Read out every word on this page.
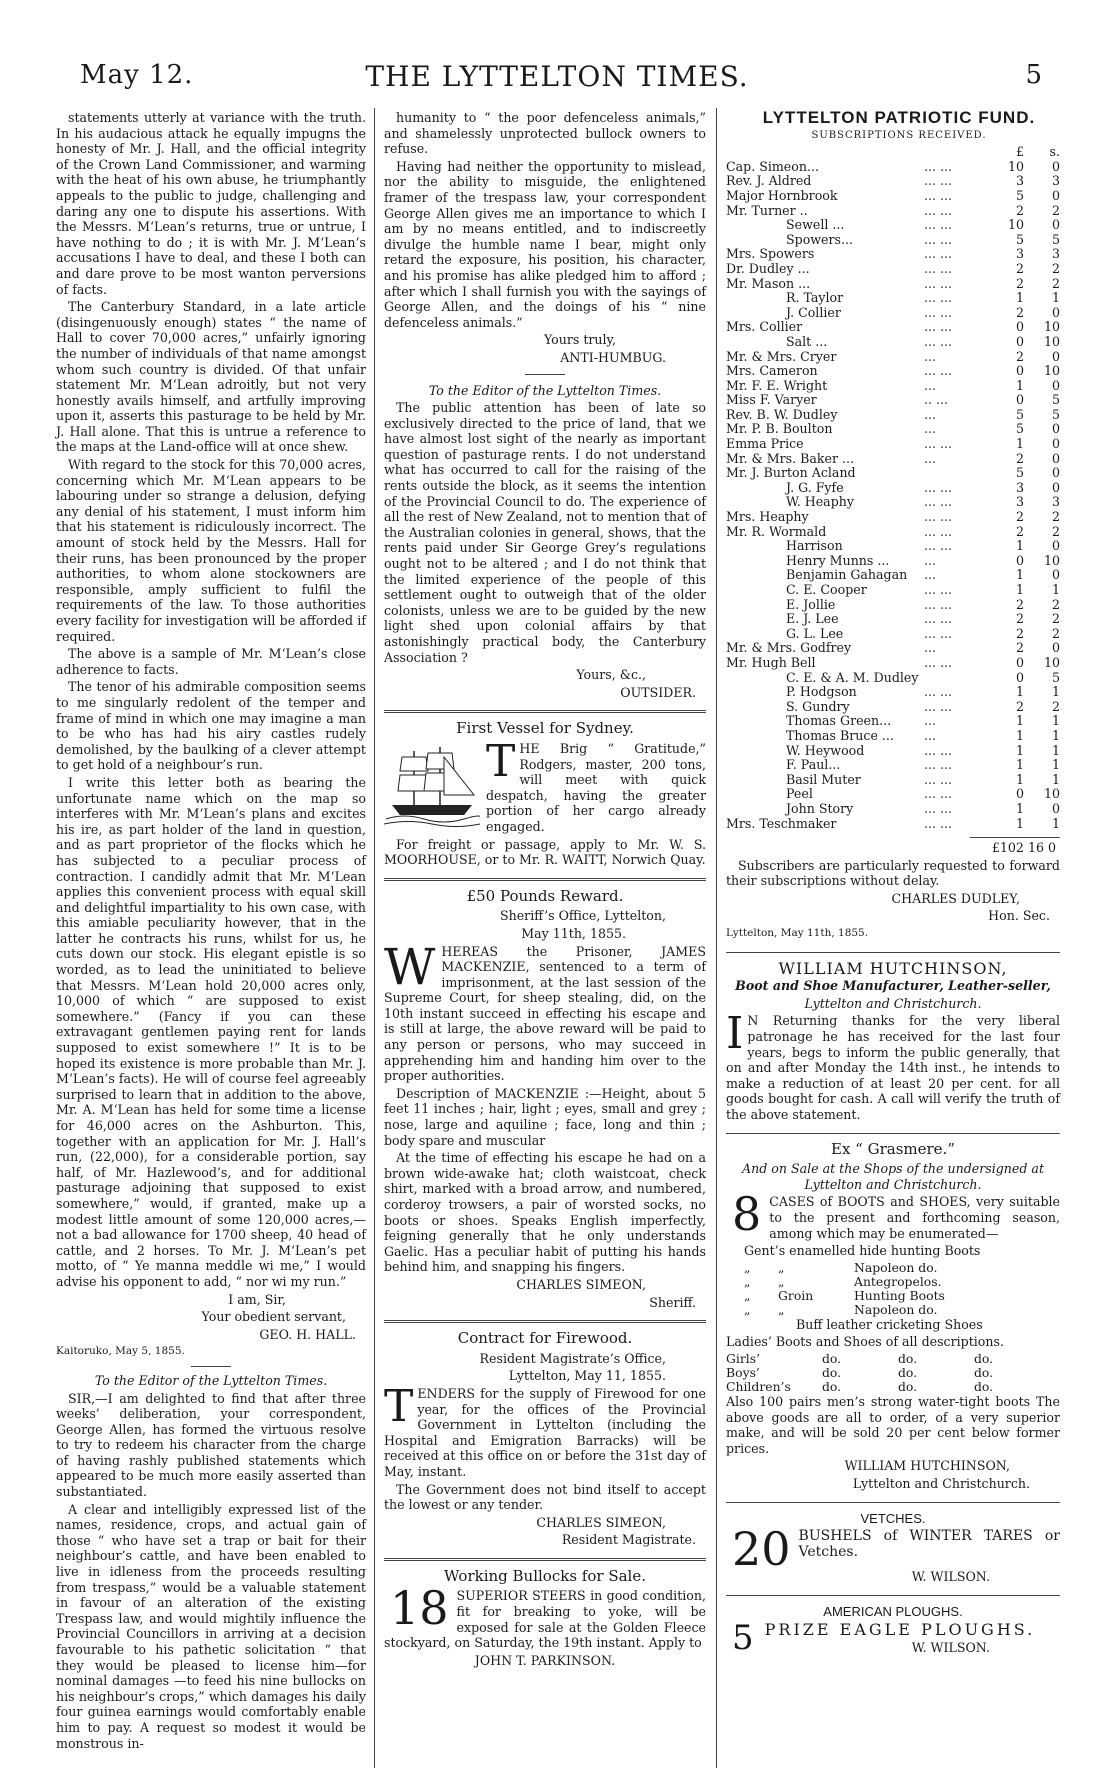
May 12.	THE LYTTELTON TIMES.	5

statements utterly at variance with the truth. In his audacious attack he equally impugns the honesty of Mr. J. Hall, and the official integrity of the Crown Land Commissioner, and warming with the heat of his own abuse, he triumphantly appeals to the public to judge, challenging and daring any one to dispute his assertions. With the Messrs. M‘Lean’s returns, true or untrue, I have nothing to do ; it is with Mr. J. M‘Lean’s accusations I have to deal, and these I both can and dare prove to be most wanton perversions of facts.

The Canterbury Standard, in a late article (disingenuously enough) states “ the name of Hall to cover 70,000 acres,” unfairly ignoring the number of individuals of that name amongst whom such country is divided. Of that unfair statement Mr. M‘Lean adroitly, but not very honestly avails himself, and artfully improving upon it, asserts this pasturage to be held by Mr. J. Hall alone. That this is untrue a reference to the maps at the Land-office will at once shew.

With regard to the stock for this 70,000 acres, concerning which Mr. M‘Lean appears to be labouring under so strange a delusion, defying any denial of his statement, I must inform him that his statement is ridiculously incorrect. The amount of stock held by the Messrs. Hall for their runs, has been pronounced by the proper authorities, to whom alone stockowners are responsible, amply sufficient to fulfil the requirements of the law. To those authorities every facility for investigation will be afforded if required.

The above is a sample of Mr. M‘Lean’s close adherence to facts.

The tenor of his admirable composition seems to me singularly redolent of the temper and frame of mind in which one may imagine a man to be who has had his airy castles rudely demolished, by the baulking of a clever attempt to get hold of a neighbour’s run.

I write this letter both as bearing the unfortunate name which on the map so interferes with Mr. M‘Lean’s plans and excites his ire, as part holder of the land in question, and as part proprietor of the flocks which he has subjected to a peculiar process of contraction. I candidly admit that Mr. M‘Lean applies this convenient process with equal skill and delightful impartiality to his own case, with this amiable peculiarity however, that in the latter he contracts his runs, whilst for us, he cuts down our stock. His elegant epistle is so worded, as to lead the uninitiated to believe that Messrs. M‘Lean hold 20,000 acres only, 10,000 of which “ are supposed to exist somewhere.” (Fancy if you can these extravagant gentlemen paying rent for lands supposed to exist somewhere !” It is to be hoped its existence is more probable than Mr. J. M‘Lean’s facts). He will of course feel agreeably surprised to learn that in addition to the above, Mr. A. M‘Lean has held for some time a license for 46,000 acres on the Ashburton. This, together with an application for Mr. J. Hall’s run, (22,000), for a considerable portion, say half, of Mr. Hazlewood’s, and for additional pasturage adjoining that supposed to exist somewhere,” would, if granted, make up a modest little amount of some 120,000 acres,—not a bad allowance for 1700 sheep, 40 head of cattle, and 2 horses. To Mr. J. M‘Lean’s pet motto, of “ Ye manna meddle wi me,” I would advise his opponent to add, “ nor wi my run.”

I am, Sir,

Your obedient servant,

GEO. H. HALL.

Kaitoruko, May 5, 1855.

To the Editor of the Lyttelton Times.

SIR,—I am delighted to find that after three weeks’ deliberation, your correspondent, George Allen, has formed the virtuous resolve to try to redeem his character from the charge of having rashly published statements which appeared to be much more easily asserted than substantiated.

A clear and intelligibly expressed list of the names, residence, crops, and actual gain of those “ who have set a trap or bait for their neighbour’s cattle, and have been enabled to live in idleness from the proceeds resulting from trespass,” would be a valuable statement in favour of an alteration of the existing Trespass law, and would mightily influence the Provincial Councillors in arriving at a decision favourable to his pathetic solicitation “ that they would be pleased to license him—for nominal damages —to feed his nine bullocks on his neighbour’s crops,” which damages his daily four guinea earnings would comfortably enable him to pay. A request so modest it would be monstrous in-

humanity to “ the poor defenceless animals,” and shamelessly unprotected bullock owners to refuse.

Having had neither the opportunity to mislead, nor the ability to misguide, the enlightened framer of the trespass law, your correspondent George Allen gives me an importance to which I am by no means entitled, and to indiscreetly divulge the humble name I bear, might only retard the exposure, his position, his character, and his promise has alike pledged him to afford ; after which I shall furnish you with the sayings of George Allen, and the doings of his “ nine defenceless animals.”

Yours truly,

ANTI-HUMBUG.

To the Editor of the Lyttelton Times.

The public attention has been of late so exclusively directed to the price of land, that we have almost lost sight of the nearly as important question of pasturage rents. I do not understand what has occurred to call for the raising of the rents outside the block, as it seems the intention of the Provincial Council to do. The experience of all the rest of New Zealand, not to mention that of the Australian colonies in general, shows, that the rents paid under Sir George Grey’s regulations ought not to be altered ; and I do not think that the limited experience of the people of this settlement ought to outweigh that of the older colonists, unless we are to be guided by the new light shed upon colonial affairs by that astonishingly practical body, the Canterbury Association ?

Yours, &c.,

OUTSIDER.

First Vessel for Sydney.

THE Brig “ Gratitude,” Rodgers, master, 200 tons, will meet with quick despatch, having the greater portion of her cargo already engaged.

For freight or passage, apply to Mr. W. S. MOORHOUSE, or to Mr. R. WAITT, Norwich Quay.

£50 Pounds Reward.

Sheriff’s Office, Lyttelton,

May 11th, 1855.

WHEREAS the Prisoner, JAMES MACKENZIE, sentenced to a term of imprisonment, at the last session of the Supreme Court, for sheep stealing, did, on the 10th instant succeed in effecting his escape and is still at large, the above reward will be paid to any person or persons, who may succeed in apprehending him and handing him over to the proper authorities.

Description of MACKENZIE :—Height, about 5 feet 11 inches ; hair, light ; eyes, small and grey ; nose, large and aquiline ; face, long and thin ; body spare and muscular

At the time of effecting his escape he had on a brown wide-awake hat; cloth waistcoat, check shirt, marked with a broad arrow, and numbered, corderoy trowsers, a pair of worsted socks, no boots or shoes. Speaks English imperfectly, feigning generally that he only understands Gaelic. Has a peculiar habit of putting his hands behind him, and snapping his fingers.

CHARLES SIMEON,

Sheriff.

Contract for Firewood.

Resident Magistrate’s Office,

Lyttelton, May 11, 1855.

TENDERS for the supply of Firewood for one year, for the offices of the Provincial Government in Lyttelton (including the Hospital and Emigration Barracks) will be received at this office on or before the 31st day of May, instant.

The Government does not bind itself to accept the lowest or any tender.

CHARLES SIMEON,

Resident Magistrate.

Working Bullocks for Sale.

18 SUPERIOR STEERS in good condition, fit for breaking to yoke, will be exposed for sale at the Golden Fleece stockyard, on Saturday, the 19th instant. Apply to

JOHN T. PARKINSON.

LYTTELTON PATRIOTIC FUND.

SUBSCRIPTIONS RECEIVED.

		£	s.
Cap. Simeon...	... ...	10	0
Rev. J. Aldred	... ...	3	3
Major Hornbrook	... ...	5	0
Mr. Turner ..	... ...	2	2
Sewell ...	... ...	10	0
Spowers...	... ...	5	5
Mrs. Spowers	... ...	3	3
Dr. Dudley ...	... ...	2	2
Mr. Mason ...	... ...	2	2
R. Taylor	... ...	1	1
J. Collier	... ...	2	0
Mrs. Collier	... ...	0	10
Salt ...	... ...	0	10
Mr. & Mrs. Cryer	...	2	0
Mrs. Cameron	... ...	0	10
Mr. F. E. Wright	...	1	0
Miss F. Varyer	.. ...	0	5
Rev. B. W. Dudley	...	5	5
Mr. P. B. Boulton	...	5	0
Emma Price	... ...	1	0
Mr. & Mrs. Baker ...	...	2	0
Mr. J. Burton Acland		5	0
J. G. Fyfe	... ...	3	0
W. Heaphy	... ...	3	3
Mrs. Heaphy	... ...	2	2
Mr. R. Wormald	... ...	2	2
Harrison	... ...	1	0
Henry Munns ...	...	0	10
Benjamin Gahagan	...	1	0
C. E. Cooper	... ...	1	1
E. Jollie	... ...	2	2
E. J. Lee	... ...	2	2
G. L. Lee	... ...	2	2
Mr. & Mrs. Godfrey	...	2	0
Mr. Hugh Bell	... ...	0	10
C. E. & A. M. Dudley		0	5
P. Hodgson	... ...	1	1
S. Gundry	... ...	2	2
Thomas Green...	...	1	1
Thomas Bruce ...	...	1	1
W. Heywood	... ...	1	1
F. Paul...	... ...	1	1
Basil Muter	... ...	1	1
Peel	... ...	0	10
John Story	... ...	1	0
Mrs. Teschmaker	... ...	1	1

£102 16 0

Subscribers are particularly requested to forward their subscriptions without delay.

CHARLES DUDLEY,

Hon. Sec.

Lyttelton, May 11th, 1855.

WILLIAM HUTCHINSON,

Boot and Shoe Manufacturer, Leather-seller,

Lyttelton and Christchurch.

I N Returning thanks for the very liberal patronage he has received for the last four years, begs to inform the public generally, that on and after Monday the 14th inst., he intends to make a reduction of at least 20 per cent. for all goods bought for cash. A call will verify the truth of the above statement.

Ex “ Grasmere.”

And on Sale at the Shops of the undersigned at Lyttelton and Christchurch.

8 CASES of BOOTS and SHOES, very suitable to the present and forthcoming season, among which may be enumerated—

Gent’s enamelled hide hunting Boots

„	„	Napoleon do.
„	„	Antegropelos.
„	Groin	Hunting Boots
„	„	Napoleon do.

Buff leather cricketing Shoes

Ladies’ Boots and Shoes of all descriptions.

Girls’	do.	do.	do.
Boys’	do.	do.	do.
Children’s	do.	do.	do.

Also 100 pairs men’s strong water-tight boots The above goods are all to order, of a very superior make, and will be sold 20 per cent below former prices.

WILLIAM HUTCHINSON,

Lyttelton and Christchurch.

VETCHES.

20 BUSHELS of WINTER TARES or Vetches.

W. WILSON.

AMERICAN PLOUGHS.

5 PRIZE EAGLE PLOUGHS.

W. WILSON.
